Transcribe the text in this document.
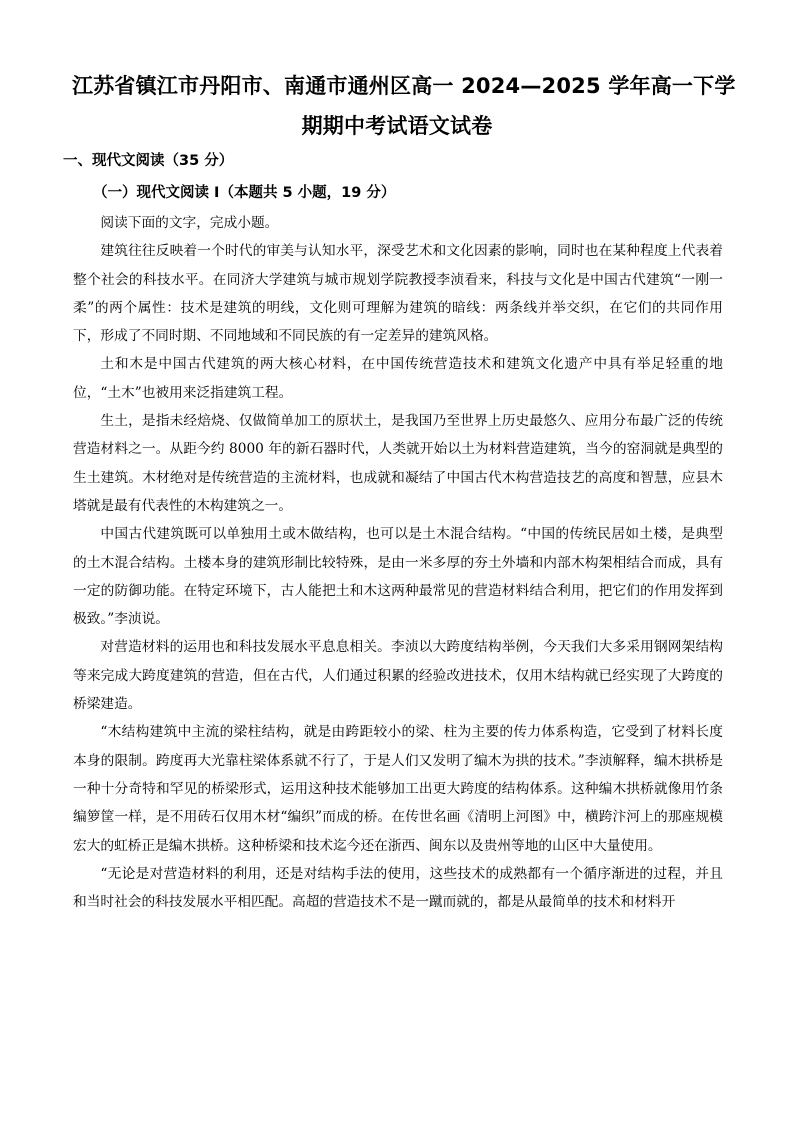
江苏省镇江市丹阳市、南通市通州区高一 2024—2025 学年高一下学
期期中考试语文试卷
一、现代文阅读（35 分）
（一）现代文阅读 I（本题共 5 小题，19 分）

阅读下面的文字，完成小题。

建筑往往反映着一个时代的审美与认知水平，深受艺术和文化因素的影响，同时也在某种程度上代表着整个社会的科技水平。在同济大学建筑与城市规划学院教授李浈看来，科技与文化是中国古代建筑“一刚一柔”的两个属性：技术是建筑的明线，文化则可理解为建筑的暗线：两条线并举交织，在它们的共同作用下，形成了不同时期、不同地域和不同民族的有一定差异的建筑风格。

土和木是中国古代建筑的两大核心材料，在中国传统营造技术和建筑文化遗产中具有举足轻重的地位，“土木”也被用来泛指建筑工程。

生土，是指未经焙烧、仅做简单加工的原状土，是我国乃至世界上历史最悠久、应用分布最广泛的传统营造材料之一。从距今约 8000 年的新石器时代，人类就开始以土为材料营造建筑，当今的窑洞就是典型的生土建筑。木材绝对是传统营造的主流材料，也成就和凝结了中国古代木构营造技艺的高度和智慧，应县木塔就是最有代表性的木构建筑之一。

中国古代建筑既可以单独用土或木做结构，也可以是土木混合结构。“中国的传统民居如土楼，是典型的土木混合结构。土楼本身的建筑形制比较特殊，是由一米多厚的夯土外墙和内部木构架相结合而成，具有一定的防御功能。在特定环境下，古人能把土和木这两种最常见的营造材料结合利用，把它们的作用发挥到极致。”李浈说。

对营造材料的运用也和科技发展水平息息相关。李浈以大跨度结构举例，今天我们大多采用钢网架结构等来完成大跨度建筑的营造，但在古代，人们通过积累的经验改进技术，仅用木结构就已经实现了大跨度的桥梁建造。

“木结构建筑中主流的梁柱结构，就是由跨距较小的梁、柱为主要的传力体系构造，它受到了材料长度本身的限制。跨度再大光靠柱梁体系就不行了，于是人们又发明了编木为拱的技术。”李浈解释，编木拱桥是一种十分奇特和罕见的桥梁形式，运用这种技术能够加工出更大跨度的结构体系。这种编木拱桥就像用竹条编箩筐一样，是不用砖石仅用木材“编织”而成的桥。在传世名画《清明上河图》中，横跨汴河上的那座规模宏大的虹桥正是编木拱桥。这种桥梁和技术迄今还在浙西、闽东以及贵州等地的山区中大量使用。

“无论是对营造材料的利用，还是对结构手法的使用，这些技术的成熟都有一个循序渐进的过程，并且和当时社会的科技发展水平相匹配。高超的营造技术不是一蹴而就的，都是从最简单的技术和材料开
